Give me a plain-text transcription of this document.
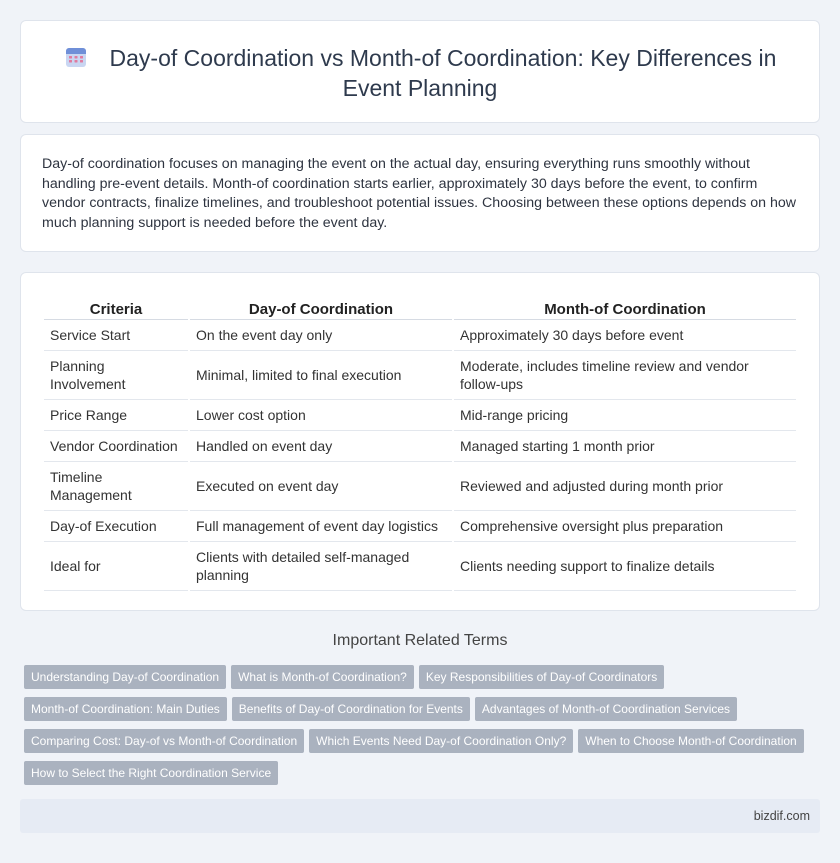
Day-of Coordination vs Month-of Coordination: Key Differences in Event Planning

Day-of coordination focuses on managing the event on the actual day, ensuring everything runs smoothly without handling pre-event details. Month-of coordination starts earlier, approximately 30 days before the event, to confirm vendor contracts, finalize timelines, and troubleshoot potential issues. Choosing between these options depends on how much planning support is needed before the event day.

Criteria	Day-of Coordination	Month-of Coordination
Service Start	On the event day only	Approximately 30 days before event
Planning Involvement	Minimal, limited to final execution	Moderate, includes timeline review and vendor follow-ups
Price Range	Lower cost option	Mid-range pricing
Vendor Coordination	Handled on event day	Managed starting 1 month prior
Timeline Management	Executed on event day	Reviewed and adjusted during month prior
Day-of Execution	Full management of event day logistics	Comprehensive oversight plus preparation
Ideal for	Clients with detailed self-managed planning	Clients needing support to finalize details
Important Related Terms
Understanding Day-of Coordination What is Month-of Coordination? Key Responsibilities of Day-of Coordinators
Month-of Coordination: Main Duties Benefits of Day-of Coordination for Events Advantages of Month-of Coordination Services
Comparing Cost: Day-of vs Month-of Coordination Which Events Need Day-of Coordination Only? When to Choose Month-of Coordination
How to Select the Right Coordination Service
bizdif.com
